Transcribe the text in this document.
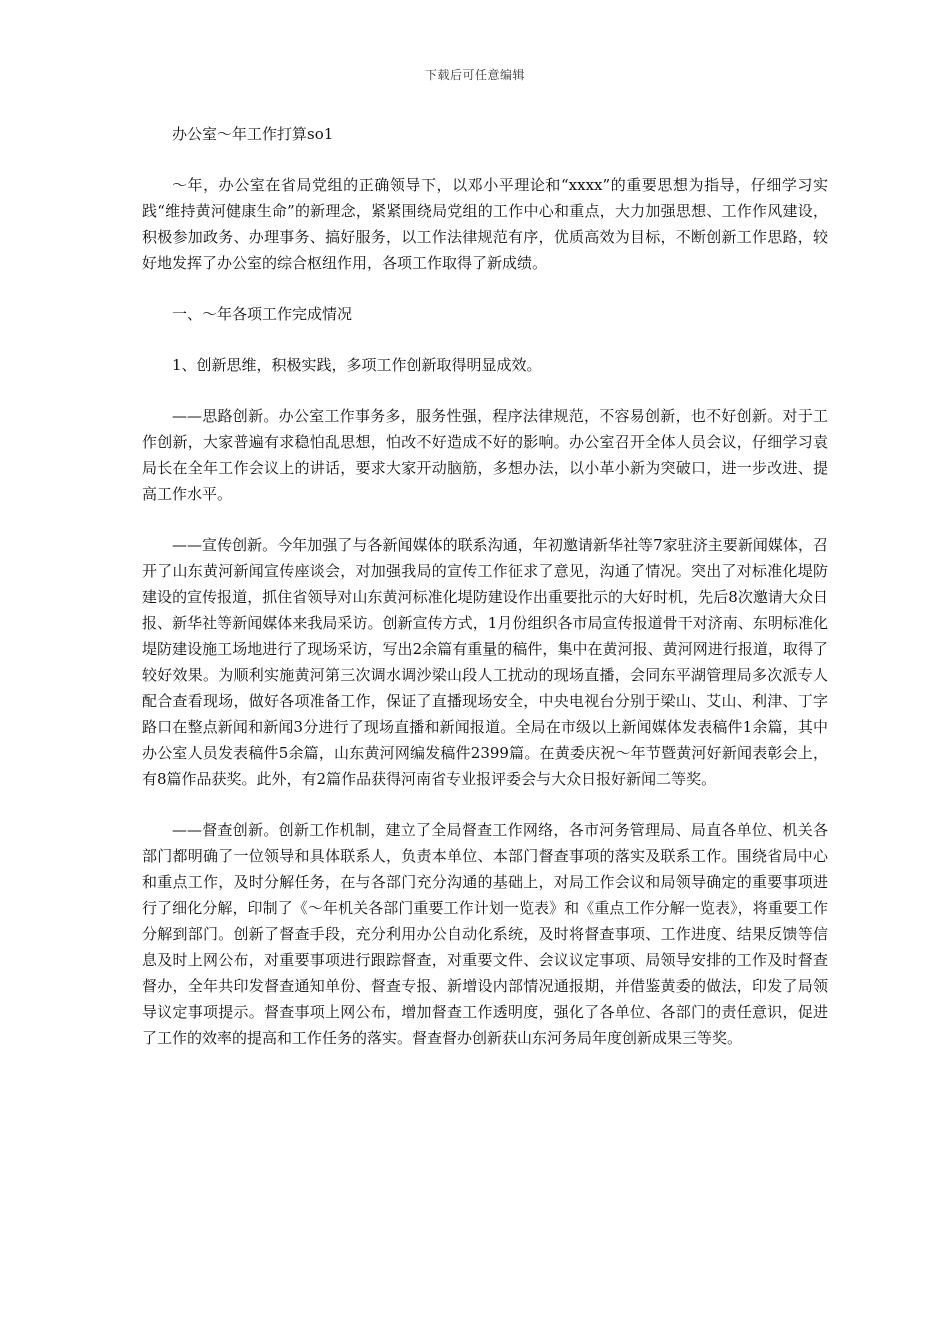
下载后可任意编辑

办公室～年工作打算so1

～年，办公室在省局党组的正确领导下，以邓小平理论和“xxxx”的重要思想为指导，仔细学习实践“维持黄河健康生命”的新理念，紧紧围绕局党组的工作中心和重点，大力加强思想、工作作风建设，积极参加政务、办理事务、搞好服务，以工作法律规范有序，优质高效为目标，不断创新工作思路，较好地发挥了办公室的综合枢纽作用，各项工作取得了新成绩。

一、～年各项工作完成情况

1、创新思维，积极实践，多项工作创新取得明显成效。

——思路创新。办公室工作事务多，服务性强，程序法律规范，不容易创新，也不好创新。对于工作创新，大家普遍有求稳怕乱思想，怕改不好造成不好的影响。办公室召开全体人员会议，仔细学习袁局长在全年工作会议上的讲话，要求大家开动脑筋，多想办法，以小革小新为突破口，进一步改进、提高工作水平。

——宣传创新。今年加强了与各新闻媒体的联系沟通，年初邀请新华社等7家驻济主要新闻媒体，召开了山东黄河新闻宣传座谈会，对加强我局的宣传工作征求了意见，沟通了情况。突出了对标准化堤防建设的宣传报道，抓住省领导对山东黄河标准化堤防建设作出重要批示的大好时机，先后8次邀请大众日报、新华社等新闻媒体来我局采访。创新宣传方式，1月份组织各市局宣传报道骨干对济南、东明标准化堤防建设施工场地进行了现场采访，写出2余篇有重量的稿件，集中在黄河报、黄河网进行报道，取得了较好效果。为顺利实施黄河第三次调水调沙梁山段人工扰动的现场直播，会同东平湖管理局多次派专人配合查看现场，做好各项准备工作，保证了直播现场安全，中央电视台分别于梁山、艾山、利津、丁字路口在整点新闻和新闻3分进行了现场直播和新闻报道。全局在市级以上新闻媒体发表稿件1余篇，其中办公室人员发表稿件5余篇，山东黄河网编发稿件2399篇。在黄委庆祝～年节暨黄河好新闻表彰会上，有8篇作品获奖。此外，有2篇作品获得河南省专业报评委会与大众日报好新闻二等奖。

——督查创新。创新工作机制，建立了全局督查工作网络，各市河务管理局、局直各单位、机关各部门都明确了一位领导和具体联系人，负责本单位、本部门督查事项的落实及联系工作。围绕省局中心和重点工作，及时分解任务，在与各部门充分沟通的基础上，对局工作会议和局领导确定的重要事项进行了细化分解，印制了《～年机关各部门重要工作计划一览表》和《重点工作分解一览表》，将重要工作分解到部门。创新了督查手段，充分利用办公自动化系统，及时将督查事项、工作进度、结果反馈等信息及时上网公布，对重要事项进行跟踪督查，对重要文件、会议议定事项、局领导安排的工作及时督查督办，全年共印发督查通知单份、督查专报、新增设内部情况通报期，并借鉴黄委的做法，印发了局领导议定事项提示。督查事项上网公布，增加督查工作透明度，强化了各单位、各部门的责任意识，促进了工作的效率的提高和工作任务的落实。督查督办创新获山东河务局年度创新成果三等奖。
